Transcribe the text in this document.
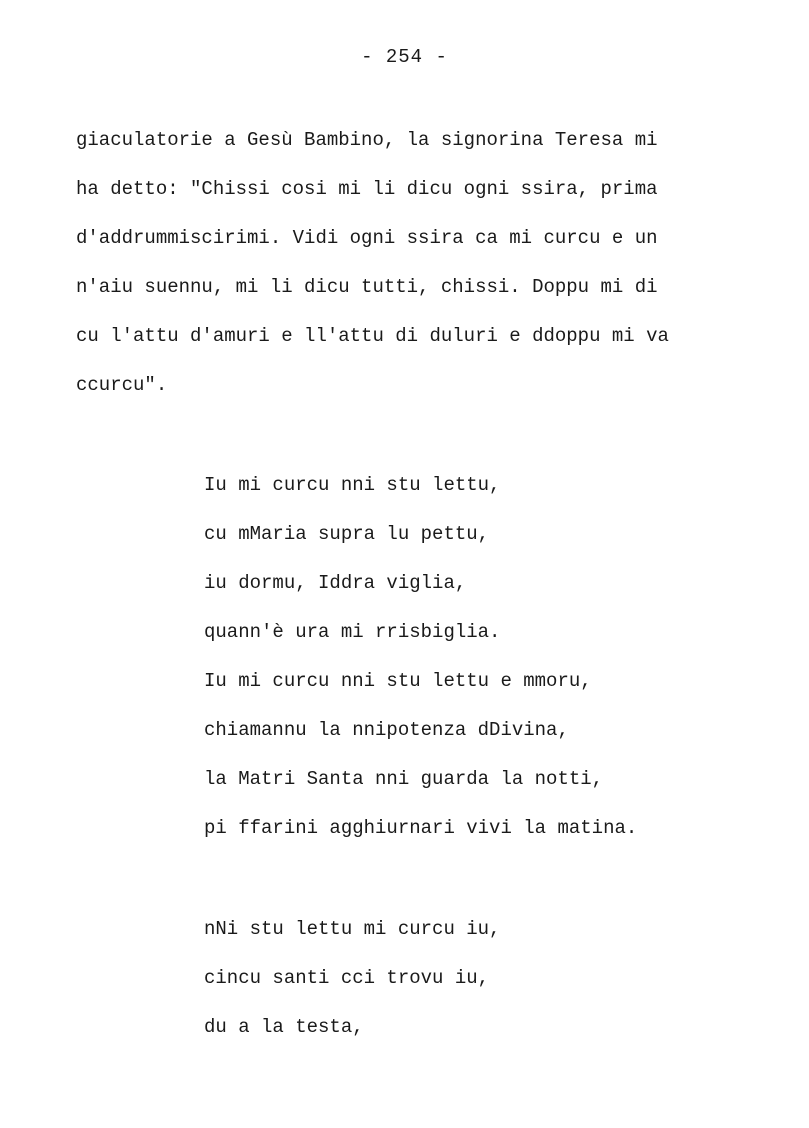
- 254 -
giaculatorie a Gesù Bambino, la signorina Teresa mi
ha detto: "Chissi cosi mi li dicu ogni ssira, prima
d'addrummiscirimi. Vidi ogni ssira ca mi curcu e un
n'aiu suennu, mi li dicu tutti, chissi. Doppu mi di
cu l'attu d'amuri e ll'attu di duluri e ddoppu mi va
ccurcu".
Iu mi curcu nni stu lettu,
cu mMaria supra lu pettu,
iu dormu, Iddra viglia,
quann'è ura mi rrisbiglia.
Iu mi curcu nni stu lettu e mmoru,
chiamannu la nnipotenza dDivina,
la Matri Santa nni guarda la notti,
pi ffarini agghiurnari vivi la matina.
nNi stu lettu mi curcu iu,
cincu santi cci trovu iu,
du a la testa,
